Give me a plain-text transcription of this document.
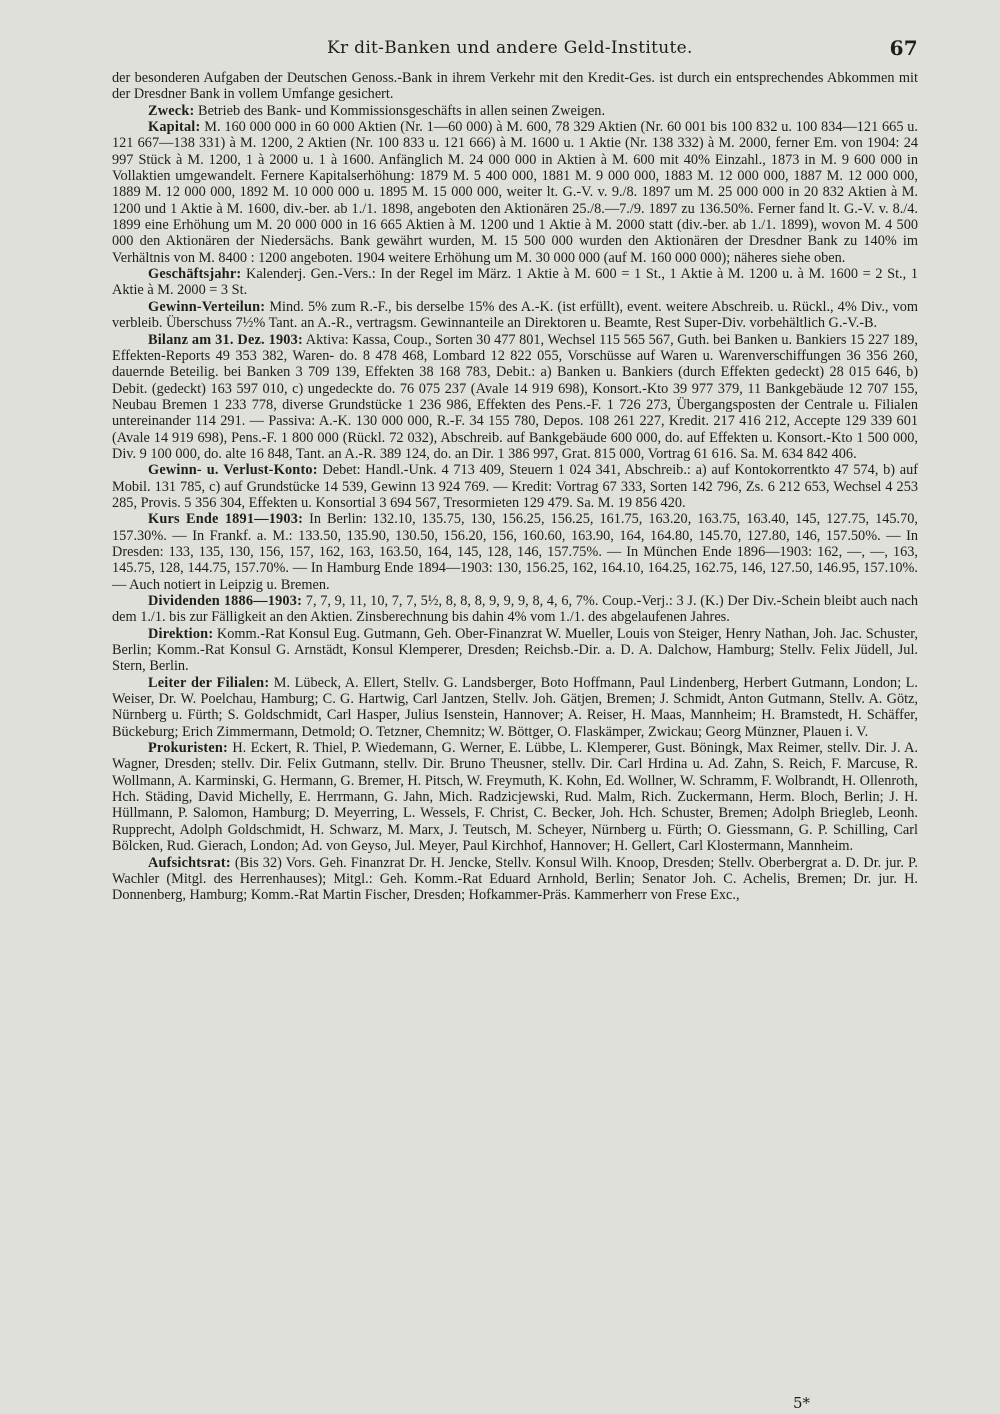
Kr dit-Banken und andere Geld-Institute.	67

der besonderen Aufgaben der Deutschen Genoss.-Bank in ihrem Verkehr mit den Kredit-Ges. ist durch ein entsprechendes Abkommen mit der Dresdner Bank in vollem Umfange gesichert.

Zweck: Betrieb des Bank- und Kommissionsgeschäfts in allen seinen Zweigen.

Kapital: M. 160 000 000 in 60 000 Aktien (Nr. 1—60 000) à M. 600, 78 329 Aktien (Nr. 60 001 bis 100 832 u. 100 834—121 665 u. 121 667—138 331) à M. 1200, 2 Aktien (Nr. 100 833 u. 121 666) à M. 1600 u. 1 Aktie (Nr. 138 332) à M. 2000, ferner Em. von 1904: 24 997 Stück à M. 1200, 1 à 2000 u. 1 à 1600. Anfänglich M. 24 000 000 in Aktien à M. 600 mit 40% Einzahl., 1873 in M. 9 600 000 in Vollaktien umgewandelt. Fernere Kapitalserhöhung: 1879 M. 5 400 000, 1881 M. 9 000 000, 1883 M. 12 000 000, 1887 M. 12 000 000, 1889 M. 12 000 000, 1892 M. 10 000 000 u. 1895 M. 15 000 000, weiter lt. G.-V. v. 9./8. 1897 um M. 25 000 000 in 20 832 Aktien à M. 1200 und 1 Aktie à M. 1600, div.-ber. ab 1./1. 1898, angeboten den Aktionären 25./8.—7./9. 1897 zu 136.50%. Ferner fand lt. G.-V. v. 8./4. 1899 eine Erhöhung um M. 20 000 000 in 16 665 Aktien à M. 1200 und 1 Aktie à M. 2000 statt (div.-ber. ab 1./1. 1899), wovon M. 4 500 000 den Aktionären der Niedersächs. Bank gewährt wurden, M. 15 500 000 wurden den Aktionären der Dresdner Bank zu 140% im Verhältnis von M. 8400 : 1200 angeboten. 1904 weitere Erhöhung um M. 30 000 000 (auf M. 160 000 000); näheres siehe oben.

Geschäftsjahr: Kalenderj. Gen.-Vers.: In der Regel im März. 1 Aktie à M. 600 = 1 St., 1 Aktie à M. 1200 u. à M. 1600 = 2 St., 1 Aktie à M. 2000 = 3 St.

Gewinn-Verteilun: Mind. 5% zum R.-F., bis derselbe 15% des A.-K. (ist erfüllt), event. weitere Abschreib. u. Rückl., 4% Div., vom verbleib. Überschuss 7½% Tant. an A.-R., vertragsm. Gewinnanteile an Direktoren u. Beamte, Rest Super-Div. vorbehältlich G.-V.-B.

Bilanz am 31. Dez. 1903: Aktiva: Kassa, Coup., Sorten 30 477 801, Wechsel 115 565 567, Guth. bei Banken u. Bankiers 15 227 189, Effekten-Reports 49 353 382, Waren- do. 8 478 468, Lombard 12 822 055, Vorschüsse auf Waren u. Warenverschiffungen 36 356 260, dauernde Beteilig. bei Banken 3 709 139, Effekten 38 168 783, Debit.: a) Banken u. Bankiers (durch Effekten gedeckt) 28 015 646, b) Debit. (gedeckt) 163 597 010, c) ungedeckte do. 76 075 237 (Avale 14 919 698), Konsort.-Kto 39 977 379, 11 Bankgebäude 12 707 155, Neubau Bremen 1 233 778, diverse Grundstücke 1 236 986, Effekten des Pens.-F. 1 726 273, Übergangsposten der Centrale u. Filialen untereinander 114 291. — Passiva: A.-K. 130 000 000, R.-F. 34 155 780, Depos. 108 261 227, Kredit. 217 416 212, Accepte 129 339 601 (Avale 14 919 698), Pens.-F. 1 800 000 (Rückl. 72 032), Abschreib. auf Bankgebäude 600 000, do. auf Effekten u. Konsort.-Kto 1 500 000, Div. 9 100 000, do. alte 16 848, Tant. an A.-R. 389 124, do. an Dir. 1 386 997, Grat. 815 000, Vortrag 61 616. Sa. M. 634 842 406.

Gewinn- u. Verlust-Konto: Debet: Handl.-Unk. 4 713 409, Steuern 1 024 341, Abschreib.: a) auf Kontokorrentkto 47 574, b) auf Mobil. 131 785, c) auf Grundstücke 14 539, Gewinn 13 924 769. — Kredit: Vortrag 67 333, Sorten 142 796, Zs. 6 212 653, Wechsel 4 253 285, Provis. 5 356 304, Effekten u. Konsortial 3 694 567, Tresormieten 129 479. Sa. M. 19 856 420.

Kurs Ende 1891—1903: In Berlin: 132.10, 135.75, 130, 156.25, 156.25, 161.75, 163.20, 163.75, 163.40, 145, 127.75, 145.70, 157.30%. — In Frankf. a. M.: 133.50, 135.90, 130.50, 156.20, 156, 160.60, 163.90, 164, 164.80, 145.70, 127.80, 146, 157.50%. — In Dresden: 133, 135, 130, 156, 157, 162, 163, 163.50, 164, 145, 128, 146, 157.75%. — In München Ende 1896—1903: 162, —, —, 163, 145.75, 128, 144.75, 157.70%. — In Hamburg Ende 1894—1903: 130, 156.25, 162, 164.10, 164.25, 162.75, 146, 127.50, 146.95, 157.10%. — Auch notiert in Leipzig u. Bremen.

Dividenden 1886—1903: 7, 7, 9, 11, 10, 7, 7, 5½, 8, 8, 8, 9, 9, 9, 8, 4, 6, 7%. Coup.-Verj.: 3 J. (K.) Der Div.-Schein bleibt auch nach dem 1./1. bis zur Fälligkeit an den Aktien. Zinsberechnung bis dahin 4% vom 1./1. des abgelaufenen Jahres.

Direktion: Komm.-Rat Konsul Eug. Gutmann, Geh. Ober-Finanzrat W. Mueller, Louis von Steiger, Henry Nathan, Joh. Jac. Schuster, Berlin; Komm.-Rat Konsul G. Arnstädt, Konsul Klemperer, Dresden; Reichsb.-Dir. a. D. A. Dalchow, Hamburg; Stellv. Felix Jüdell, Jul. Stern, Berlin.

Leiter der Filialen: M. Lübeck, A. Ellert, Stellv. G. Landsberger, Boto Hoffmann, Paul Lindenberg, Herbert Gutmann, London; L. Weiser, Dr. W. Poelchau, Hamburg; C. G. Hartwig, Carl Jantzen, Stellv. Joh. Gätjen, Bremen; J. Schmidt, Anton Gutmann, Stellv. A. Götz, Nürnberg u. Fürth; S. Goldschmidt, Carl Hasper, Julius Isenstein, Hannover; A. Reiser, H. Maas, Mannheim; H. Bramstedt, H. Schäffer, Bückeburg; Erich Zimmermann, Detmold; O. Tetzner, Chemnitz; W. Böttger, O. Flaskämper, Zwickau; Georg Münzner, Plauen i. V.

Prokuristen: H. Eckert, R. Thiel, P. Wiedemann, G. Werner, E. Lübbe, L. Klemperer, Gust. Böningk, Max Reimer, stellv. Dir. J. A. Wagner, Dresden; stellv. Dir. Felix Gutmann, stellv. Dir. Bruno Theusner, stellv. Dir. Carl Hrdina u. Ad. Zahn, S. Reich, F. Marcuse, R. Wollmann, A. Karminski, G. Hermann, G. Bremer, H. Pitsch, W. Freymuth, K. Kohn, Ed. Wollner, W. Schramm, F. Wolbrandt, H. Ollenroth, Hch. Städing, David Michelly, E. Herrmann, G. Jahn, Mich. Radzicjewski, Rud. Malm, Rich. Zuckermann, Herm. Bloch, Berlin; J. H. Hüllmann, P. Salomon, Hamburg; D. Meyerring, L. Wessels, F. Christ, C. Becker, Joh. Hch. Schuster, Bremen; Adolph Briegleb, Leonh. Rupprecht, Adolph Goldschmidt, H. Schwarz, M. Marx, J. Teutsch, M. Scheyer, Nürnberg u. Fürth; O. Giessmann, G. P. Schilling, Carl Bölcken, Rud. Gierach, London; Ad. von Geyso, Jul. Meyer, Paul Kirchhof, Hannover; H. Gellert, Carl Klostermann, Mannheim.

Aufsichtsrat: (Bis 32) Vors. Geh. Finanzrat Dr. H. Jencke, Stellv. Konsul Wilh. Knoop, Dresden; Stellv. Oberbergrat a. D. Dr. jur. P. Wachler (Mitgl. des Herrenhauses); Mitgl.: Geh. Komm.-Rat Eduard Arnhold, Berlin; Senator Joh. C. Achelis, Bremen; Dr. jur. H. Donnenberg, Hamburg; Komm.-Rat Martin Fischer, Dresden; Hofkammer-Präs. Kammerherr von Frese Exc.,

5*
